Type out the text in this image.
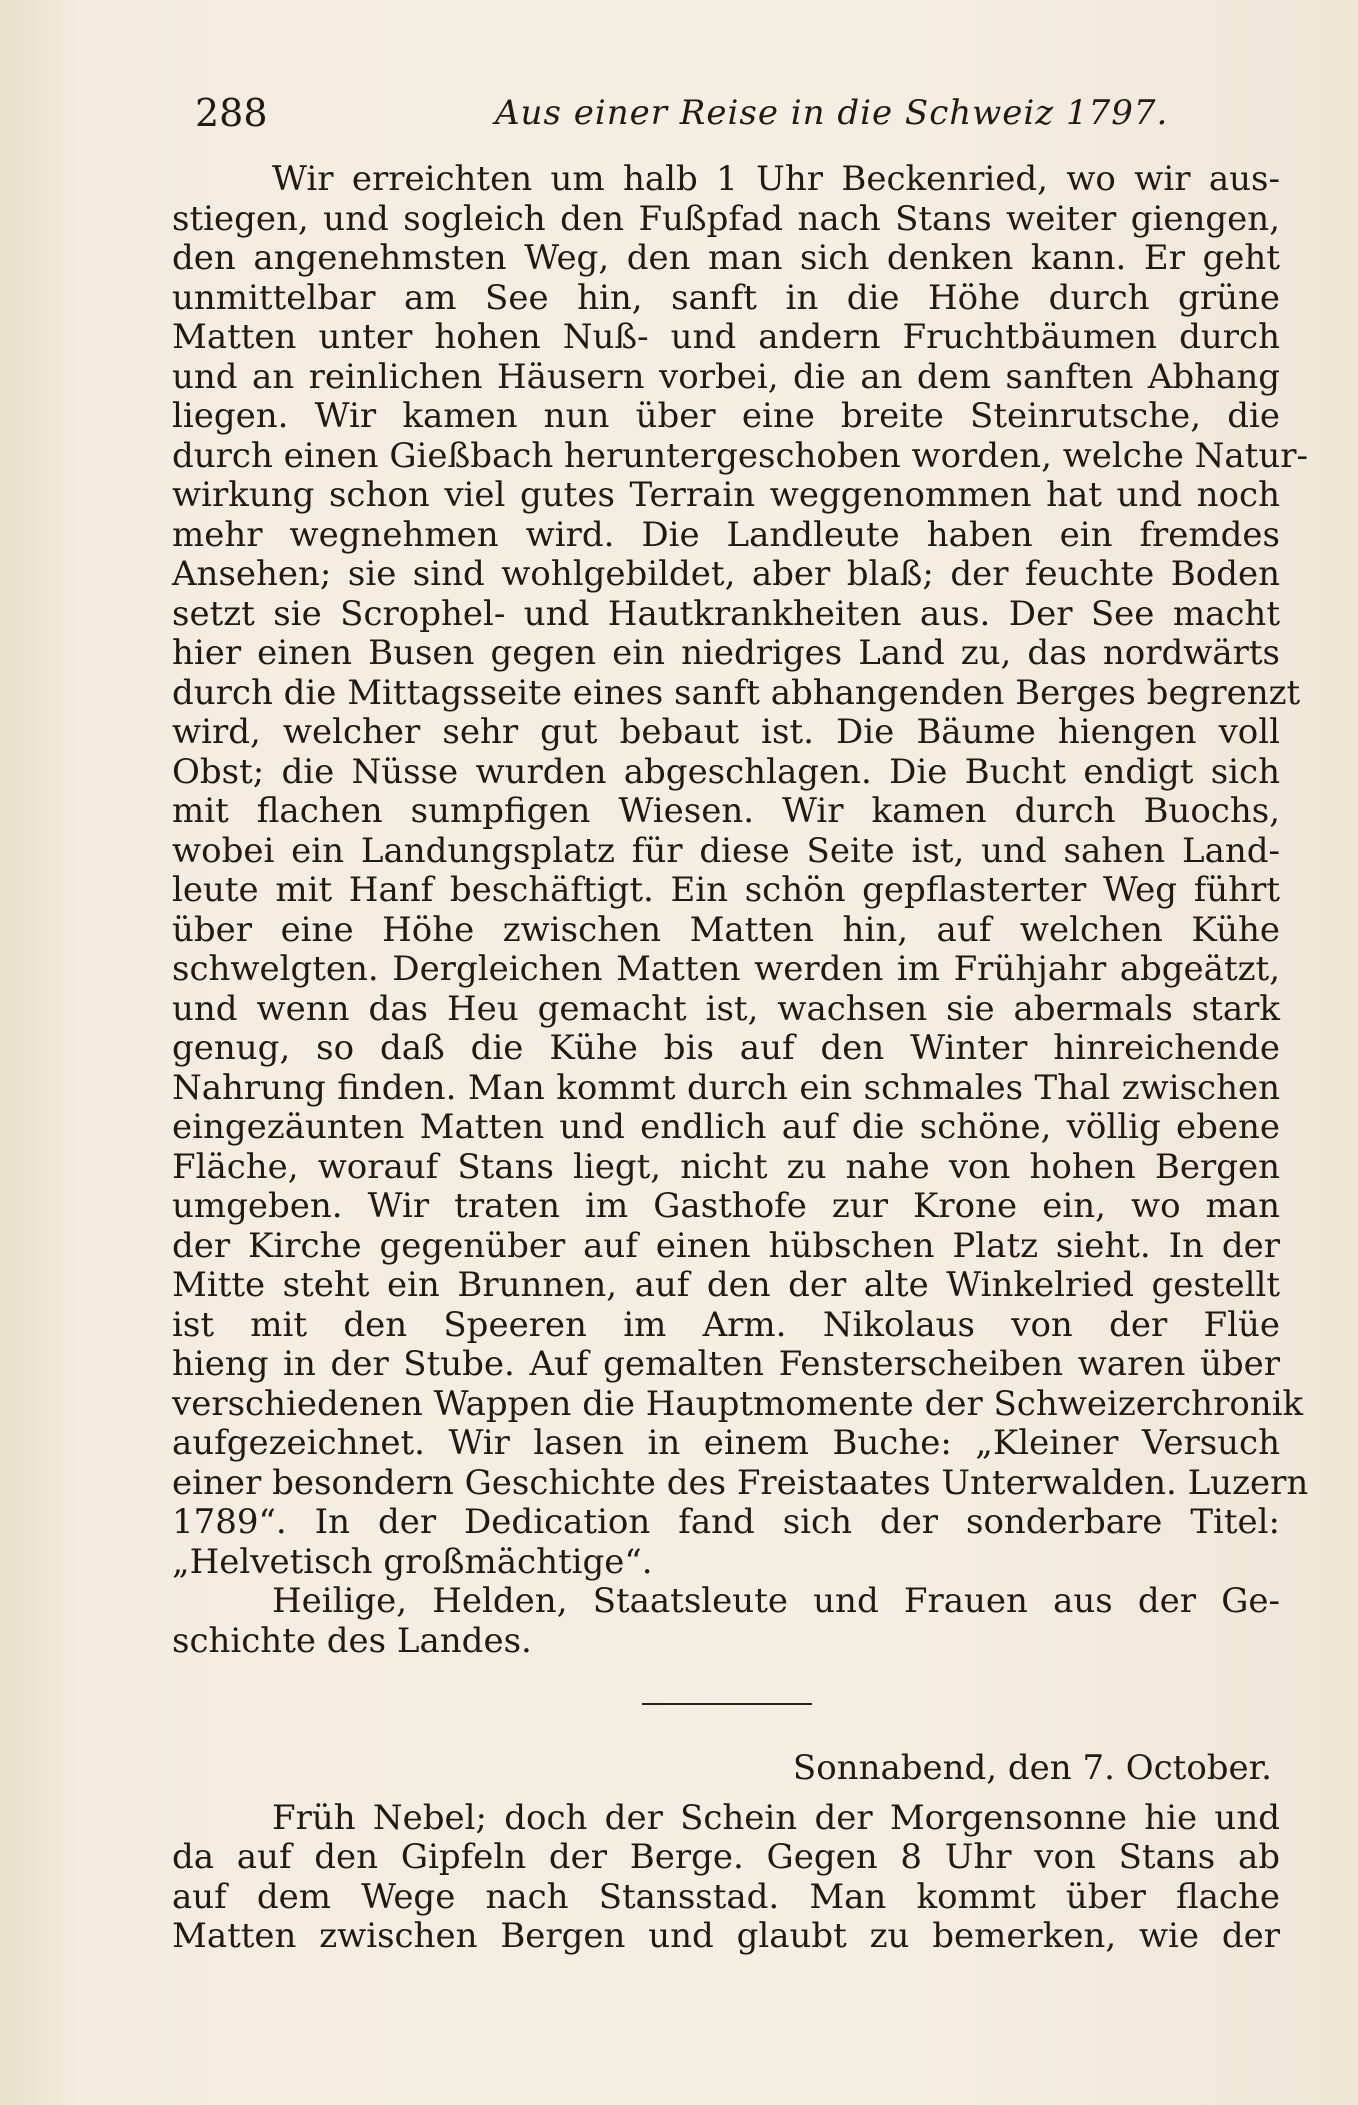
288	Aus einer Reise in die Schweiz 1797.
Wir erreichten um halb 1 Uhr Beckenried, wo wir aus-
stiegen, und sogleich den Fußpfad nach Stans weiter giengen,
den angenehmsten Weg, den man sich denken kann. Er geht
unmittelbar am See hin, sanft in die Höhe durch grüne
Matten unter hohen Nuß- und andern Fruchtbäumen durch
und an reinlichen Häusern vorbei, die an dem sanften Abhang
liegen. Wir kamen nun über eine breite Steinrutsche, die
durch einen Gießbach heruntergeschoben worden, welche Natur-
wirkung schon viel gutes Terrain weggenommen hat und noch
mehr wegnehmen wird. Die Landleute haben ein fremdes
Ansehen; sie sind wohlgebildet, aber blaß; der feuchte Boden
setzt sie Scrophel- und Hautkrankheiten aus. Der See macht
hier einen Busen gegen ein niedriges Land zu, das nordwärts
durch die Mittagsseite eines sanft abhangenden Berges begrenzt
wird, welcher sehr gut bebaut ist. Die Bäume hiengen voll
Obst; die Nüsse wurden abgeschlagen. Die Bucht endigt sich
mit flachen sumpfigen Wiesen. Wir kamen durch Buochs,
wobei ein Landungsplatz für diese Seite ist, und sahen Land-
leute mit Hanf beschäftigt. Ein schön gepflasterter Weg führt
über eine Höhe zwischen Matten hin, auf welchen Kühe
schwelgten. Dergleichen Matten werden im Frühjahr abgeätzt,
und wenn das Heu gemacht ist, wachsen sie abermals stark
genug, so daß die Kühe bis auf den Winter hinreichende
Nahrung finden. Man kommt durch ein schmales Thal zwischen
eingezäunten Matten und endlich auf die schöne, völlig ebene
Fläche, worauf Stans liegt, nicht zu nahe von hohen Bergen
umgeben. Wir traten im Gasthofe zur Krone ein, wo man
der Kirche gegenüber auf einen hübschen Platz sieht. In der
Mitte steht ein Brunnen, auf den der alte Winkelried gestellt
ist mit den Speeren im Arm. Nikolaus von der Flüe
hieng in der Stube. Auf gemalten Fensterscheiben waren über
verschiedenen Wappen die Hauptmomente der Schweizerchronik
aufgezeichnet. Wir lasen in einem Buche: „Kleiner Versuch
einer besondern Geschichte des Freistaates Unterwalden. Luzern
1789“. In der Dedication fand sich der sonderbare Titel:
„Helvetisch großmächtige“.
Heilige, Helden, Staatsleute und Frauen aus der Ge-
schichte des Landes.
Sonnabend, den 7. October.
Früh Nebel; doch der Schein der Morgensonne hie und
da auf den Gipfeln der Berge. Gegen 8 Uhr von Stans ab
auf dem Wege nach Stansstad. Man kommt über flache
Matten zwischen Bergen und glaubt zu bemerken, wie der
